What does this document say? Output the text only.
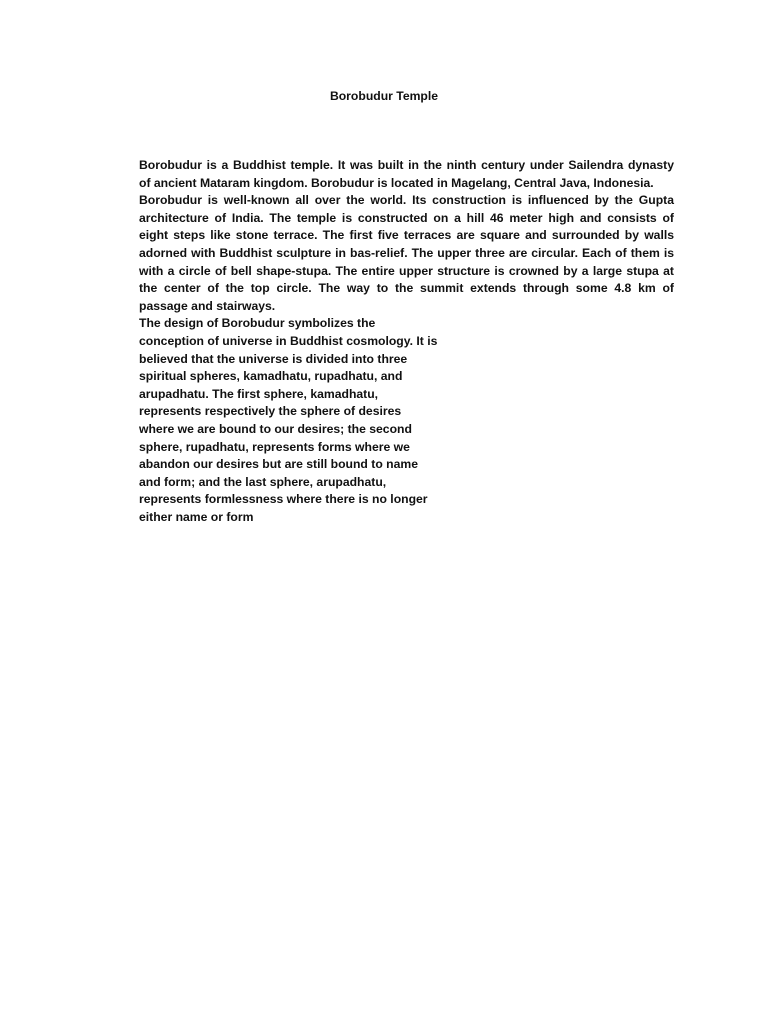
Borobudur Temple

Borobudur is a Buddhist temple. It was built in the ninth century under Sailendra dynasty
of ancient Mataram kingdom. Borobudur is located in Magelang, Central Java, Indonesia.

Borobudur is well-known all over the world. Its construction is influenced by the Gupta
architecture of India. The temple is constructed on a hill 46 meter high and consists of
eight steps like stone terrace. The first five terraces are square and surrounded by walls
adorned with Buddhist sculpture in bas-relief. The upper three are circular. Each of them is
with a circle of bell shape-stupa. The entire upper structure is crowned by a large stupa at
the center of the top circle. The way to the summit extends through some 4.8 km of
passage and stairways.

The design of Borobudur symbolizes the
conception of universe in Buddhist cosmology. It is
believed that the universe is divided into three
spiritual spheres, kamadhatu, rupadhatu, and
arupadhatu. The first sphere, kamadhatu,
represents respectively the sphere of desires
where we are bound to our desires; the second
sphere, rupadhatu, represents forms where we
abandon our desires but are still bound to name
and form; and the last sphere, arupadhatu,
represents formlessness where there is no longer
either name or form
